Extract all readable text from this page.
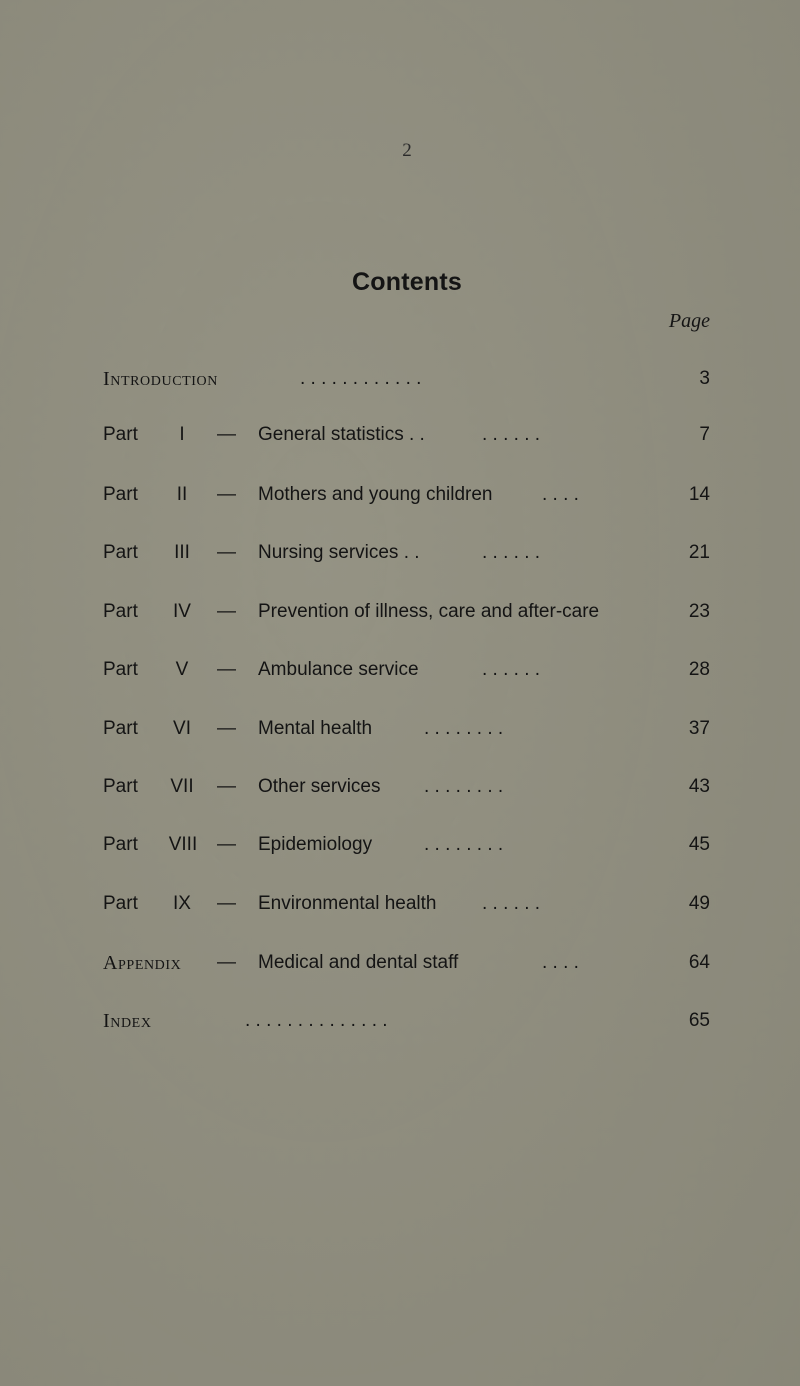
2
Contents
Page
Introduction	. . . . . . . . . . . .	3
Part	I	— General statistics . .	. . . . . .	7
Part	II	— Mothers and young children	. . . .	14
Part	III	— Nursing services . .	. . . . . .	21
Part	IV	— Prevention of illness, care and after-care	23
Part	V	— Ambulance service	. . . . . .	28
Part	VI	— Mental health	. . . . . . . .	37
Part	VII	— Other services . . . . . . . .	43
Part	VIII	— Epidemiology	. . . . . . . .	45
Part	IX	— Environmental health . . . . . .	49
Appendix — Medical and dental staff	. . . .	64
Index	. . . . . . . . . . . . . .	65
